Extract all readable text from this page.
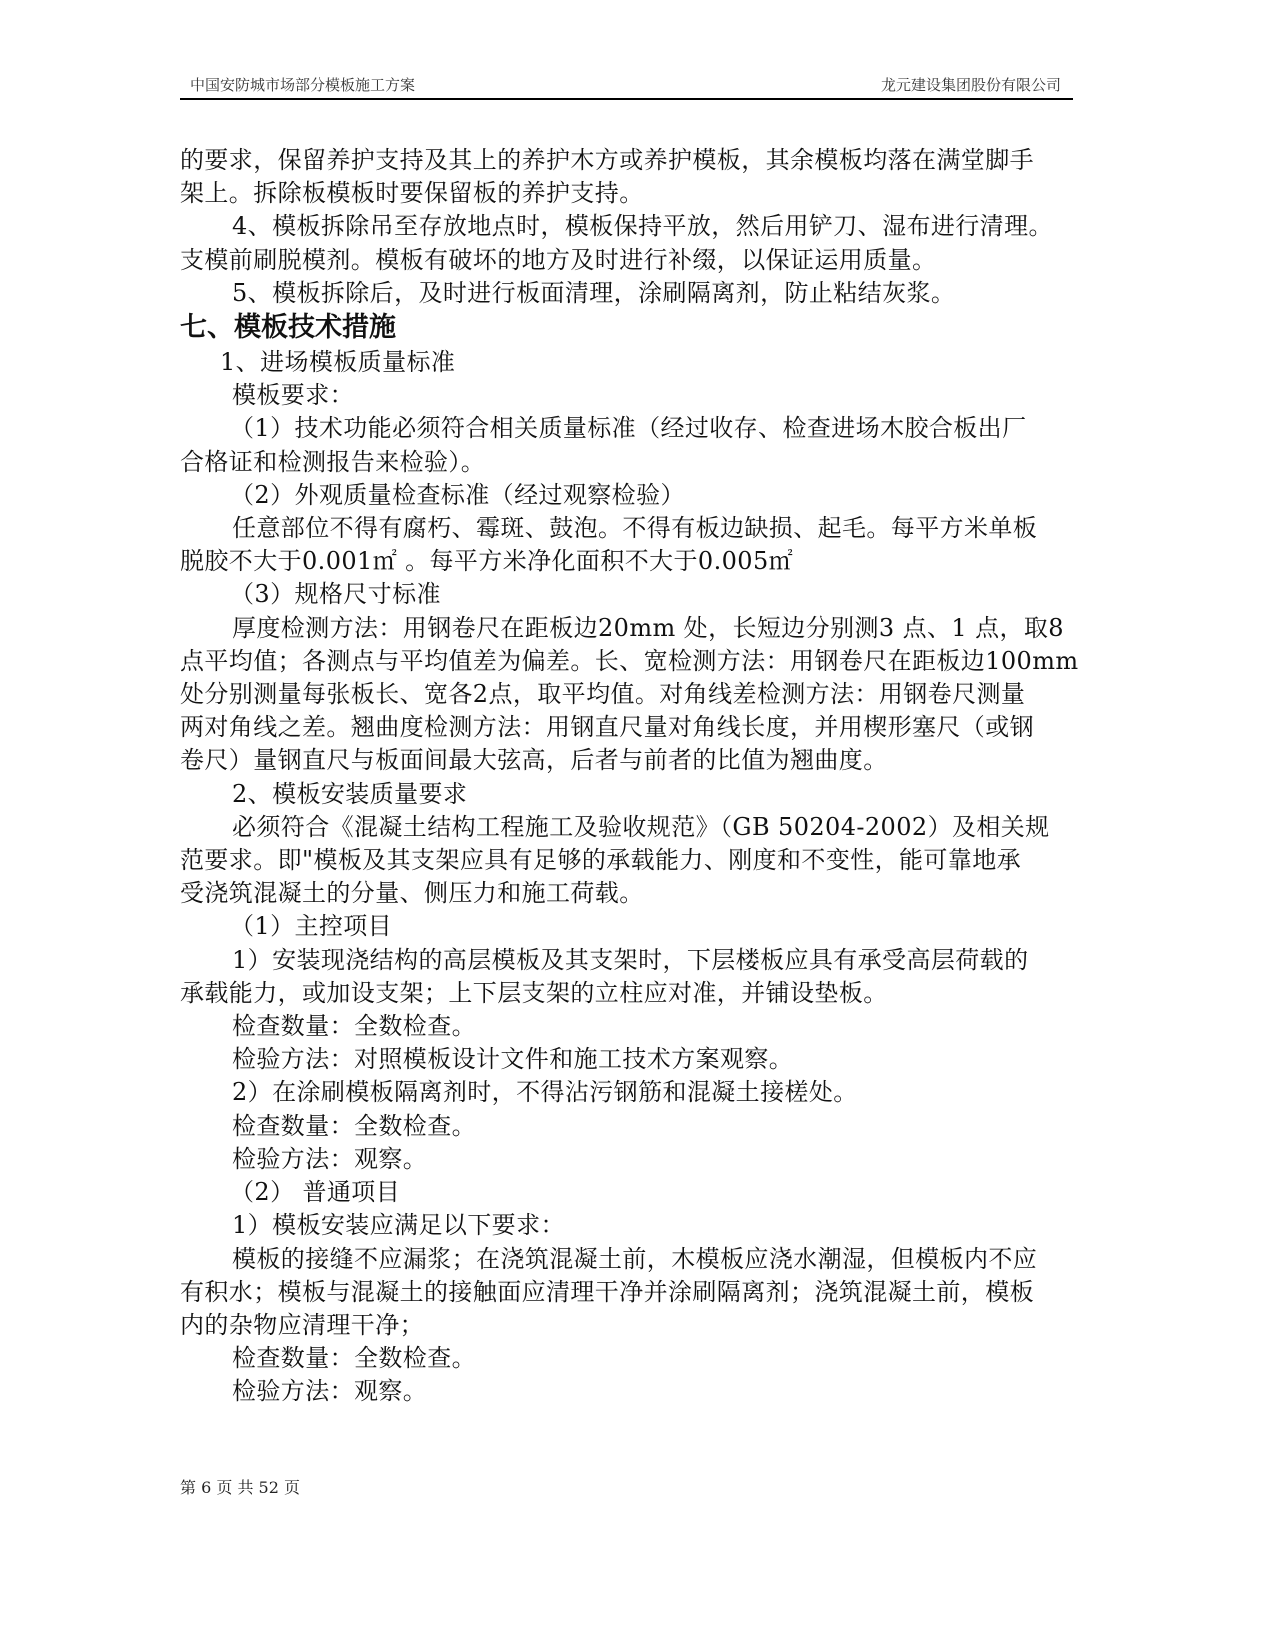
中国安防城市场部分模板施工方案	龙元建设集团股份有限公司

的要求，保留养护支持及其上的养护木方或养护模板，其余模板均落在满堂脚手

架上。拆除板模板时要保留板的养护支持。

4、模板拆除吊至存放地点时，模板保持平放，然后用铲刀、湿布进行清理。

支模前刷脱模剂。模板有破坏的地方及时进行补缀，以保证运用质量。

5、模板拆除后，及时进行板面清理，涂刷隔离剂，防止粘结灰浆。

七、模板技术措施

1、进场模板质量标准

模板要求：

（1）技术功能必须符合相关质量标准（经过收存、检查进场木胶合板出厂

合格证和检测报告来检验）。

（2）外观质量检查标准（经过观察检验）

任意部位不得有腐朽、霉斑、鼓泡。不得有板边缺损、起毛。每平方米单板

脱胶不大于0.001㎡ 。每平方米净化面积不大于0.005㎡

（3）规格尺寸标准

厚度检测方法：用钢卷尺在距板边20mm 处，长短边分别测3 点、1 点，取8

点平均值；各测点与平均值差为偏差。长、宽检测方法：用钢卷尺在距板边100mm

处分别测量每张板长、宽各2点，取平均值。对角线差检测方法：用钢卷尺测量

两对角线之差。翘曲度检测方法：用钢直尺量对角线长度，并用楔形塞尺（或钢

卷尺）量钢直尺与板面间最大弦高，后者与前者的比值为翘曲度。

2、模板安装质量要求

必须符合《混凝土结构工程施工及验收规范》（GB 50204-2002）及相关规

范要求。即"模板及其支架应具有足够的承载能力、刚度和不变性，能可靠地承

受浇筑混凝土的分量、侧压力和施工荷载。

（1）主控项目

1）安装现浇结构的高层模板及其支架时，下层楼板应具有承受高层荷载的

承载能力，或加设支架；上下层支架的立柱应对准，并铺设垫板。

检查数量：全数检查。

检验方法：对照模板设计文件和施工技术方案观察。

2）在涂刷模板隔离剂时，不得沾污钢筋和混凝土接槎处。

检查数量：全数检查。

检验方法：观察。

（2） 普通项目

1）模板安装应满足以下要求：

模板的接缝不应漏浆；在浇筑混凝土前，木模板应浇水潮湿，但模板内不应

有积水；模板与混凝土的接触面应清理干净并涂刷隔离剂；浇筑混凝土前，模板

内的杂物应清理干净；

检查数量：全数检查。

检验方法：观察。

第 6 页 共 52 页
